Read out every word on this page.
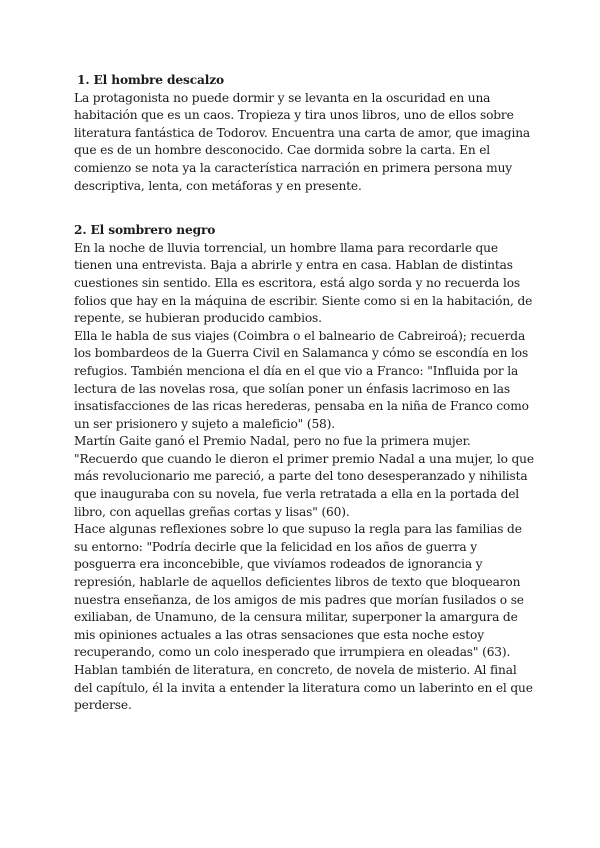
1. El hombre descalzo

La protagonista no puede dormir y se levanta en la oscuridad en una habitación que es un caos. Tropieza y tira unos libros, uno de ellos sobre literatura fantástica de Todorov. Encuentra una carta de amor, que imagina que es de un hombre desconocido. Cae dormida sobre la carta. En el comienzo se nota ya la característica narración en primera persona muy descriptiva, lenta, con metáforas y en presente.

2. El sombrero negro

En la noche de lluvia torrencial, un hombre llama para recordarle que tienen una entrevista. Baja a abrirle y entra en casa. Hablan de distintas cuestiones sin sentido. Ella es escritora, está algo sorda y no recuerda los folios que hay en la máquina de escribir. Siente como si en la habitación, de repente, se hubieran producido cambios.

Ella le habla de sus viajes (Coimbra o el balneario de Cabreiroá); recuerda los bombardeos de la Guerra Civil en Salamanca y cómo se escondía en los refugios. También menciona el día en el que vio a Franco: "Influida por la lectura de las novelas rosa, que solían poner un énfasis lacrimoso en las insatisfacciones de las ricas herederas, pensaba en la niña de Franco como un ser prisionero y sujeto a maleficio" (58).

Martín Gaite ganó el Premio Nadal, pero no fue la primera mujer. "Recuerdo que cuando le dieron el primer premio Nadal a una mujer, lo que más revolucionario me pareció, a parte del tono desesperanzado y nihilista que inauguraba con su novela, fue verla retratada a ella en la portada del libro, con aquellas greñas cortas y lisas" (60).

Hace algunas reflexiones sobre lo que supuso la regla para las familias de su entorno: "Podría decirle que la felicidad en los años de guerra y posguerra era inconcebible, que vivíamos rodeados de ignorancia y represión, hablarle de aquellos deficientes libros de texto que bloquearon nuestra enseñanza, de los amigos de mis padres que morían fusilados o se exiliaban, de Unamuno, de la censura militar, superponer la amargura de mis opiniones actuales a las otras sensaciones que esta noche estoy recuperando, como un colo inesperado que irrumpiera en oleadas" (63).

Hablan también de literatura, en concreto, de novela de misterio. Al final del capítulo, él la invita a entender la literatura como un laberinto en el que perderse.
